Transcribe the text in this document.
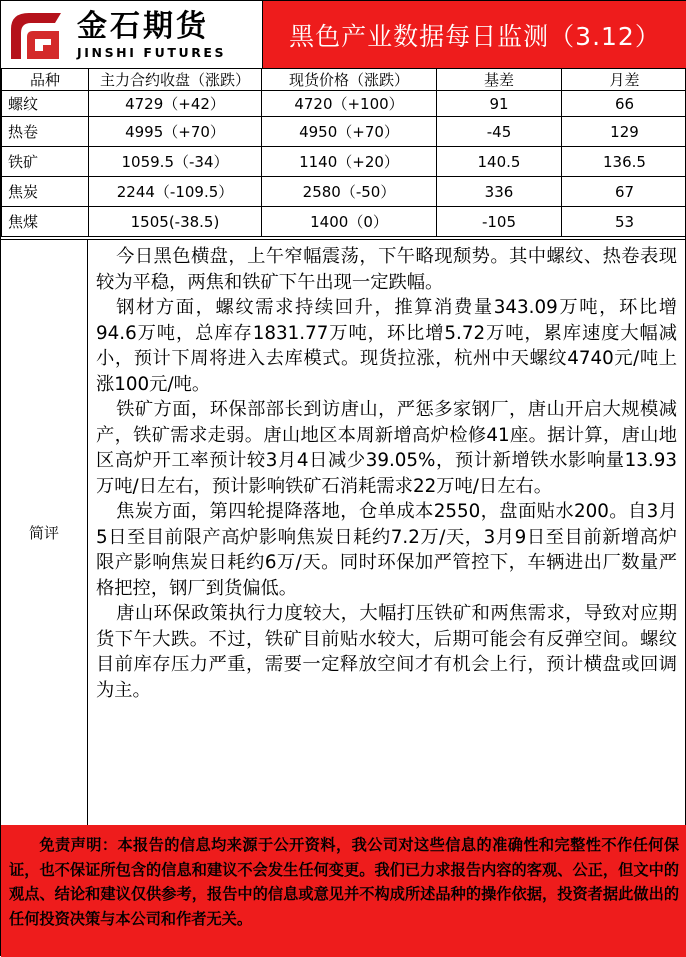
金石期货
JINSHI FUTURES
黑色产业数据每日监测（3.12）
品种	主力合约收盘（涨跌）	现货价格（涨跌）	基差	月差
螺纹	4729（+42）	4720（+100）	91	66
热卷	4995（+70）	4950（+70）	-45	129
铁矿	1059.5（-34）	1140（+20）	140.5	136.5
焦炭	2244（-109.5）	2580（-50）	336	67
焦煤	1505(-38.5)	1400（0）	-105	53
简评

今日黑色横盘，上午窄幅震荡，下午略现颓势。其中螺纹、热卷表现较为平稳，两焦和铁矿下午出现一定跌幅。

钢材方面，螺纹需求持续回升，推算消费量343.09万吨，环比增94.6万吨，总库存1831.77万吨，环比增5.72万吨，累库速度大幅减小，预计下周将进入去库模式。现货拉涨，杭州中天螺纹4740元/吨上涨100元/吨。

铁矿方面，环保部部长到访唐山，严惩多家钢厂，唐山开启大规模减产，铁矿需求走弱。唐山地区本周新增高炉检修41座。据计算，唐山地区高炉开工率预计较3月4日减少39.05%，预计新增铁水影响量13.93万吨/日左右，预计影响铁矿石消耗需求22万吨/日左右。

焦炭方面，第四轮提降落地，仓单成本2550，盘面贴水200。自3月5日至目前限产高炉影响焦炭日耗约7.2万/天，3月9日至目前新增高炉限产影响焦炭日耗约6万/天。同时环保加严管控下，车辆进出厂数量严格把控，钢厂到货偏低。

唐山环保政策执行力度较大，大幅打压铁矿和两焦需求，导致对应期货下午大跌。不过，铁矿目前贴水较大，后期可能会有反弹空间。螺纹目前库存压力严重，需要一定释放空间才有机会上行，预计横盘或回调为主。

免责声明：本报告的信息均来源于公开资料，我公司对这些信息的准确性和完整性不作任何保证，也不保证所包含的信息和建议不会发生任何变更。我们已力求报告内容的客观、公正，但文中的观点、结论和建议仅供参考，报告中的信息或意见并不构成所述品种的操作依据，投资者据此做出的任何投资决策与本公司和作者无关。
